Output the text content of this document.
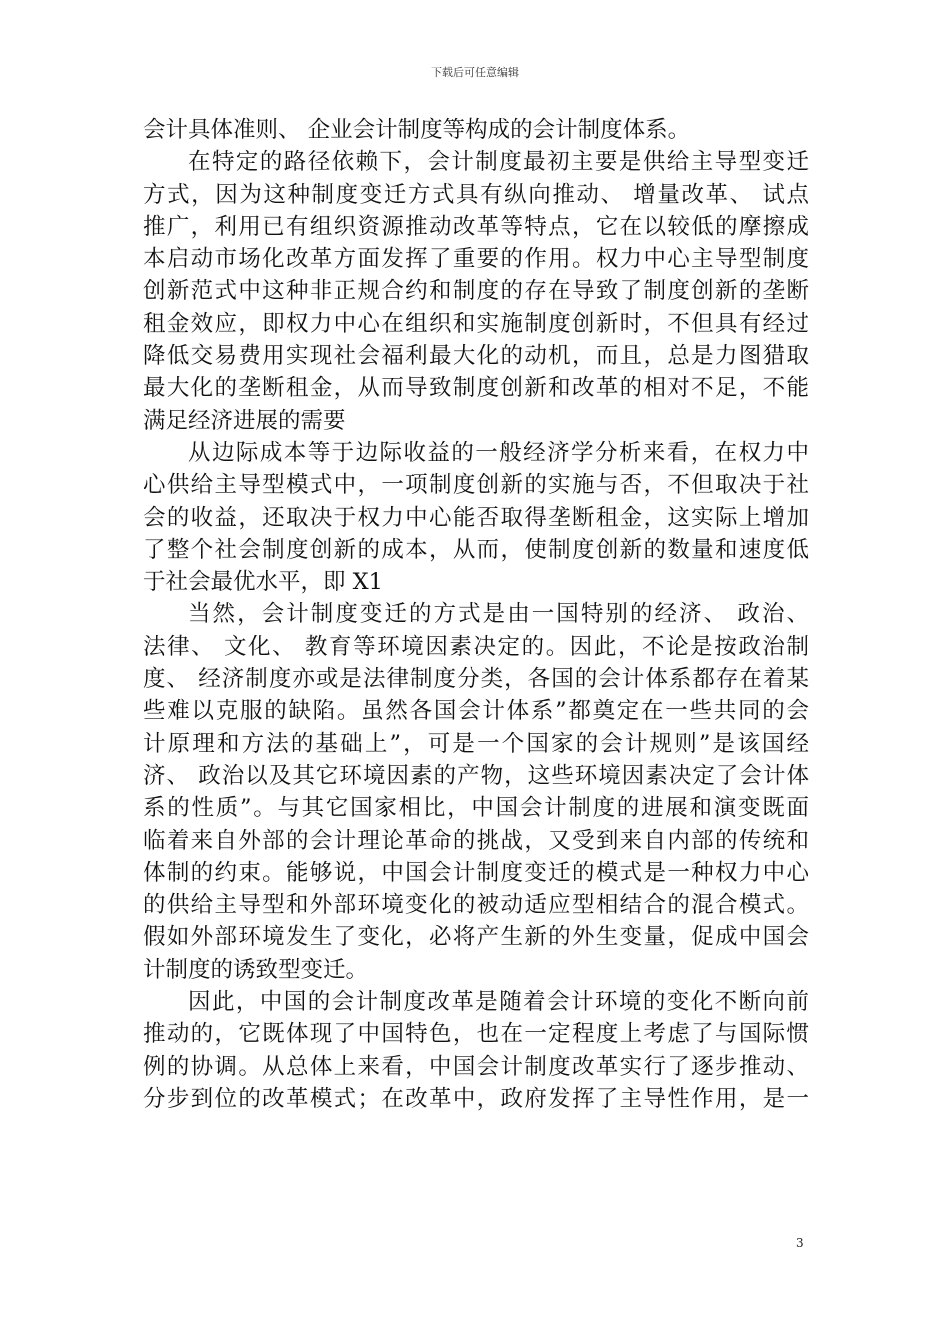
下载后可任意编辑
会计具体准则、 企业会计制度等构成的会计制度体系。
在特定的路径依赖下，会计制度最初主要是供给主导型变迁
方式，因为这种制度变迁方式具有纵向推动、 增量改革、 试点
推广，利用已有组织资源推动改革等特点，它在以较低的摩擦成
本启动市场化改革方面发挥了重要的作用。权力中心主导型制度
创新范式中这种非正规合约和制度的存在导致了制度创新的垄断
租金效应，即权力中心在组织和实施制度创新时，不但具有经过
降低交易费用实现社会福利最大化的动机，而且，总是力图猎取
最大化的垄断租金，从而导致制度创新和改革的相对不足，不能
满足经济进展的需要
从边际成本等于边际收益的一般经济学分析来看，在权力中
心供给主导型模式中，一项制度创新的实施与否，不但取决于社
会的收益，还取决于权力中心能否取得垄断租金，这实际上增加
了整个社会制度创新的成本，从而，使制度创新的数量和速度低
于社会最优水平，即 X1
当然，会计制度变迁的方式是由一国特别的经济、 政治、
法律、 文化、 教育等环境因素决定的。因此，不论是按政治制
度、 经济制度亦或是法律制度分类，各国的会计体系都存在着某
些难以克服的缺陷。虽然各国会计体系”都奠定在一些共同的会
计原理和方法的基础上”，可是一个国家的会计规则”是该国经
济、 政治以及其它环境因素的产物，这些环境因素决定了会计体
系的性质”。与其它国家相比，中国会计制度的进展和演变既面
临着来自外部的会计理论革命的挑战，又受到来自内部的传统和
体制的约束。能够说，中国会计制度变迁的模式是一种权力中心
的供给主导型和外部环境变化的被动适应型相结合的混合模式。
假如外部环境发生了变化，必将产生新的外生变量，促成中国会
计制度的诱致型变迁。
因此，中国的会计制度改革是随着会计环境的变化不断向前
推动的，它既体现了中国特色，也在一定程度上考虑了与国际惯
例的协调。从总体上来看，中国会计制度改革实行了逐步推动、
分步到位的改革模式；在改革中，政府发挥了主导性作用，是一
3
